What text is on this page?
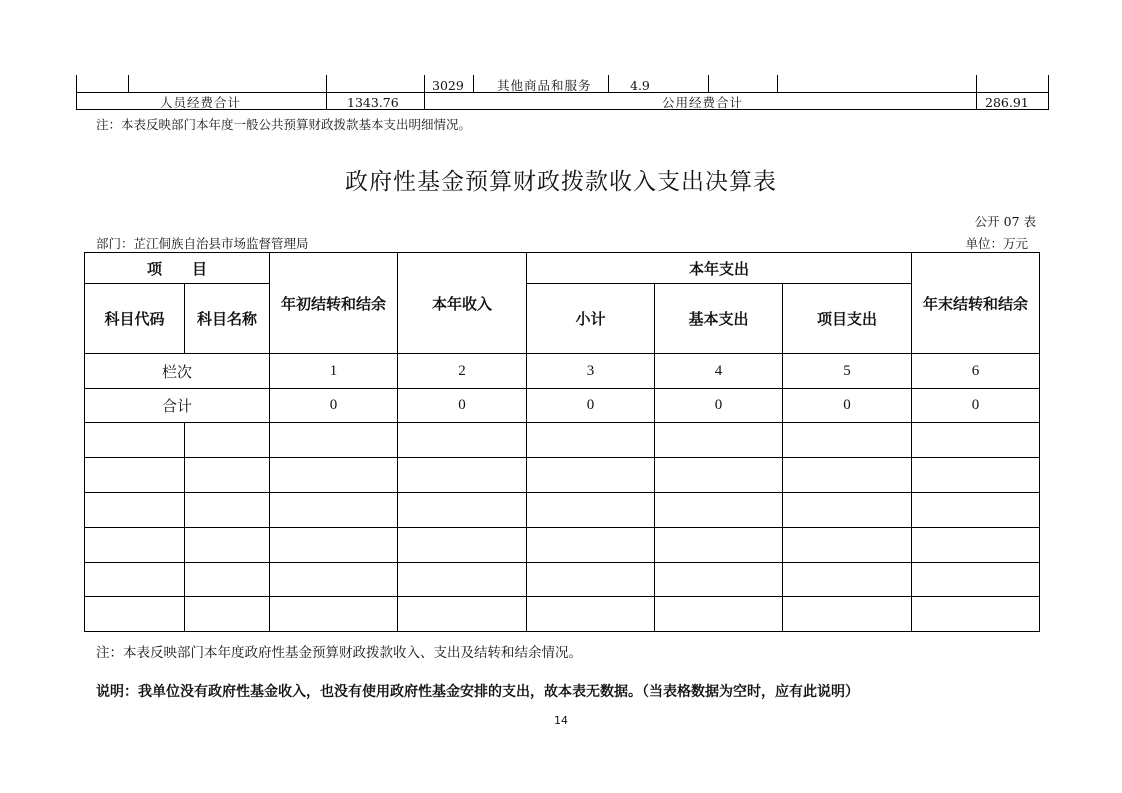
3029	其他商品和服务	4.9
人员经费合计	1343.76	公用经费合计	286.91
注：本表反映部门本年度一般公共预算财政拨款基本支出明细情况。
政府性基金预算财政拨款收入支出决算表
公开 07 表
部门：芷江侗族自治县市场监督管理局	单位：万元
项　　目		年初结转和结余	本年收入	本年支出			年末结转和结余
科目代码	科目名称			小计	基本支出	项目支出	
栏次		1	2	3	4	5	6
合计		0	0	0	0	0	0

注：本表反映部门本年度政府性基金预算财政拨款收入、支出及结转和结余情况。
说明：我单位没有政府性基金收入，也没有使用政府性基金安排的支出，故本表无数据。（当表格数据为空时，应有此说明）
14
